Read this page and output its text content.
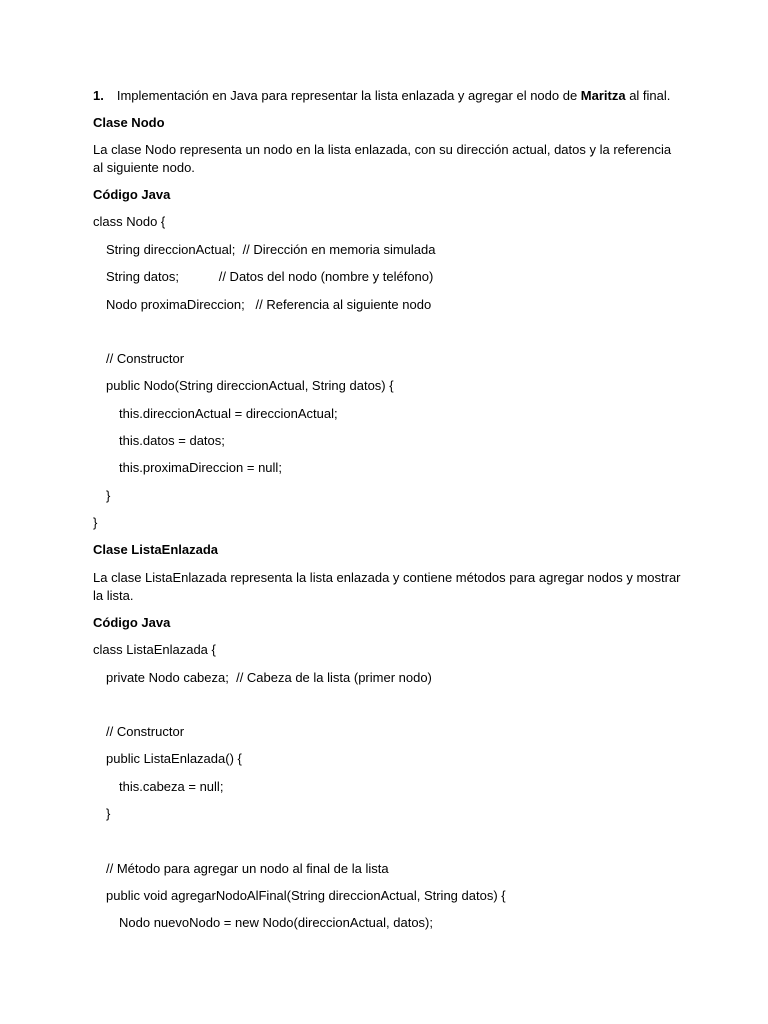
1. Implementación en Java para representar la lista enlazada y agregar el nodo de Maritza al final.
Clase Nodo
La clase Nodo representa un nodo en la lista enlazada, con su dirección actual, datos y la referencia
al siguiente nodo.
Código Java
class Nodo {
String direccionActual;  // Dirección en memoria simulada
String datos;           // Datos del nodo (nombre y teléfono)
Nodo proximaDireccion;   // Referencia al siguiente nodo
// Constructor
public Nodo(String direccionActual, String datos) {
this.direccionActual = direccionActual;
this.datos = datos;
this.proximaDireccion = null;
}
}
Clase ListaEnlazada
La clase ListaEnlazada representa la lista enlazada y contiene métodos para agregar nodos y mostrar
la lista.
Código Java
class ListaEnlazada {
private Nodo cabeza;  // Cabeza de la lista (primer nodo)
// Constructor
public ListaEnlazada() {
this.cabeza = null;
}
// Método para agregar un nodo al final de la lista
public void agregarNodoAlFinal(String direccionActual, String datos) {
Nodo nuevoNodo = new Nodo(direccionActual, datos);
